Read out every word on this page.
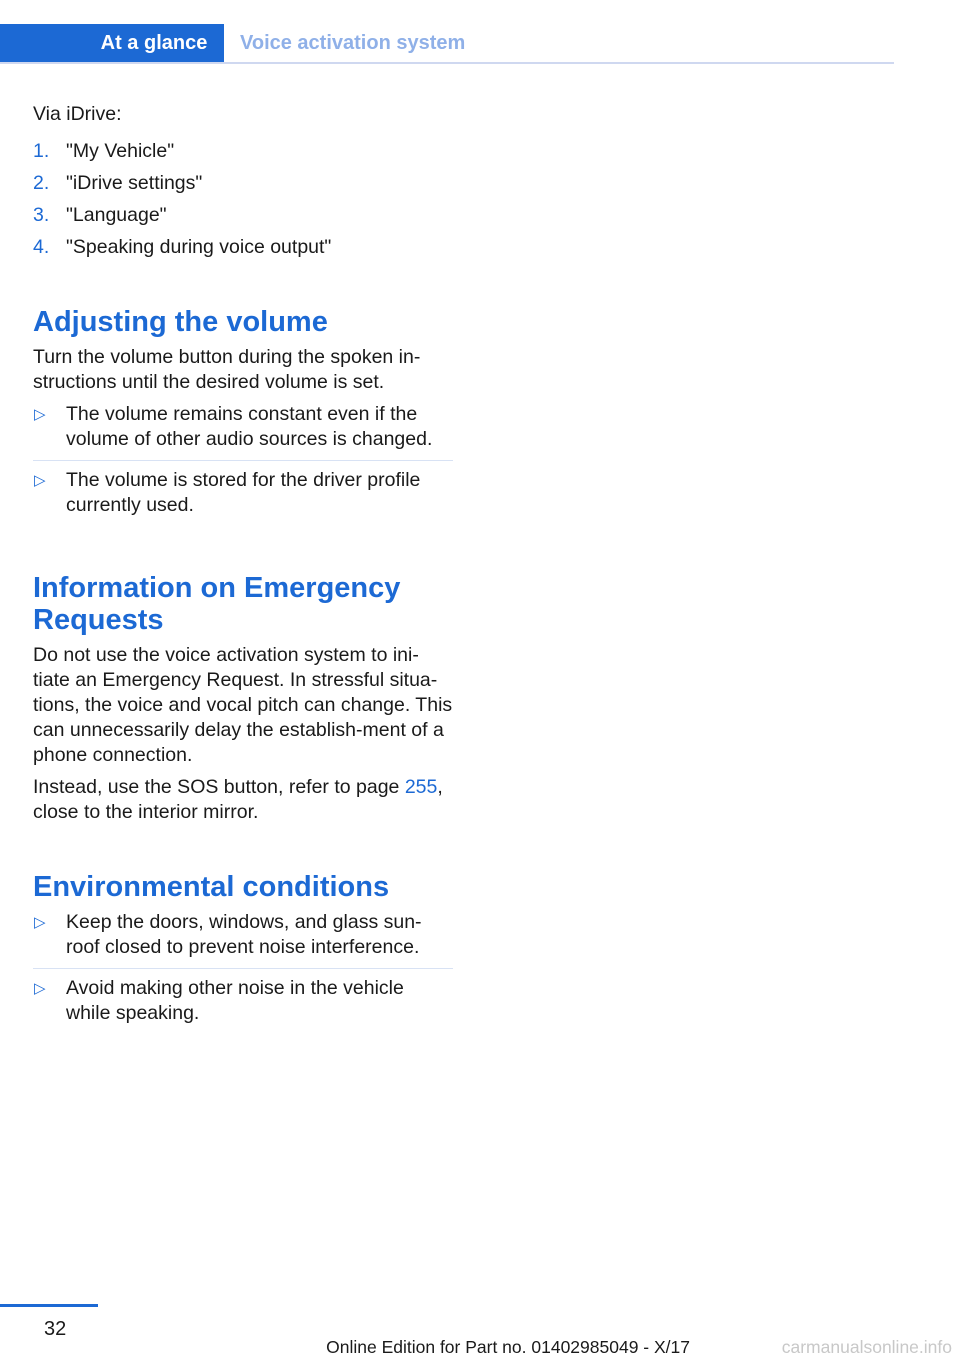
At a glance	Voice activation system

Via iDrive:

1. "My Vehicle"
2. "iDrive settings"
3. "Language"
4. "Speaking during voice output"
Adjusting the volume

Turn the volume button during the spoken in-structions until the desired volume is set.

▷ The volume remains constant even if the volume of other audio sources is changed.
▷ The volume is stored for the driver profile currently used.
Information on Emergency Requests

Do not use the voice activation system to ini-tiate an Emergency Request. In stressful situa-tions, the voice and vocal pitch can change. This can unnecessarily delay the establish-ment of a phone connection.

Instead, use the SOS button, refer to page 255, close to the interior mirror.

Environmental conditions
▷ Keep the doors, windows, and glass sun-roof closed to prevent noise interference.
▷ Avoid making other noise in the vehicle while speaking.
32
Online Edition for Part no. 01402985049 - X/17	carmanualsonline.info
